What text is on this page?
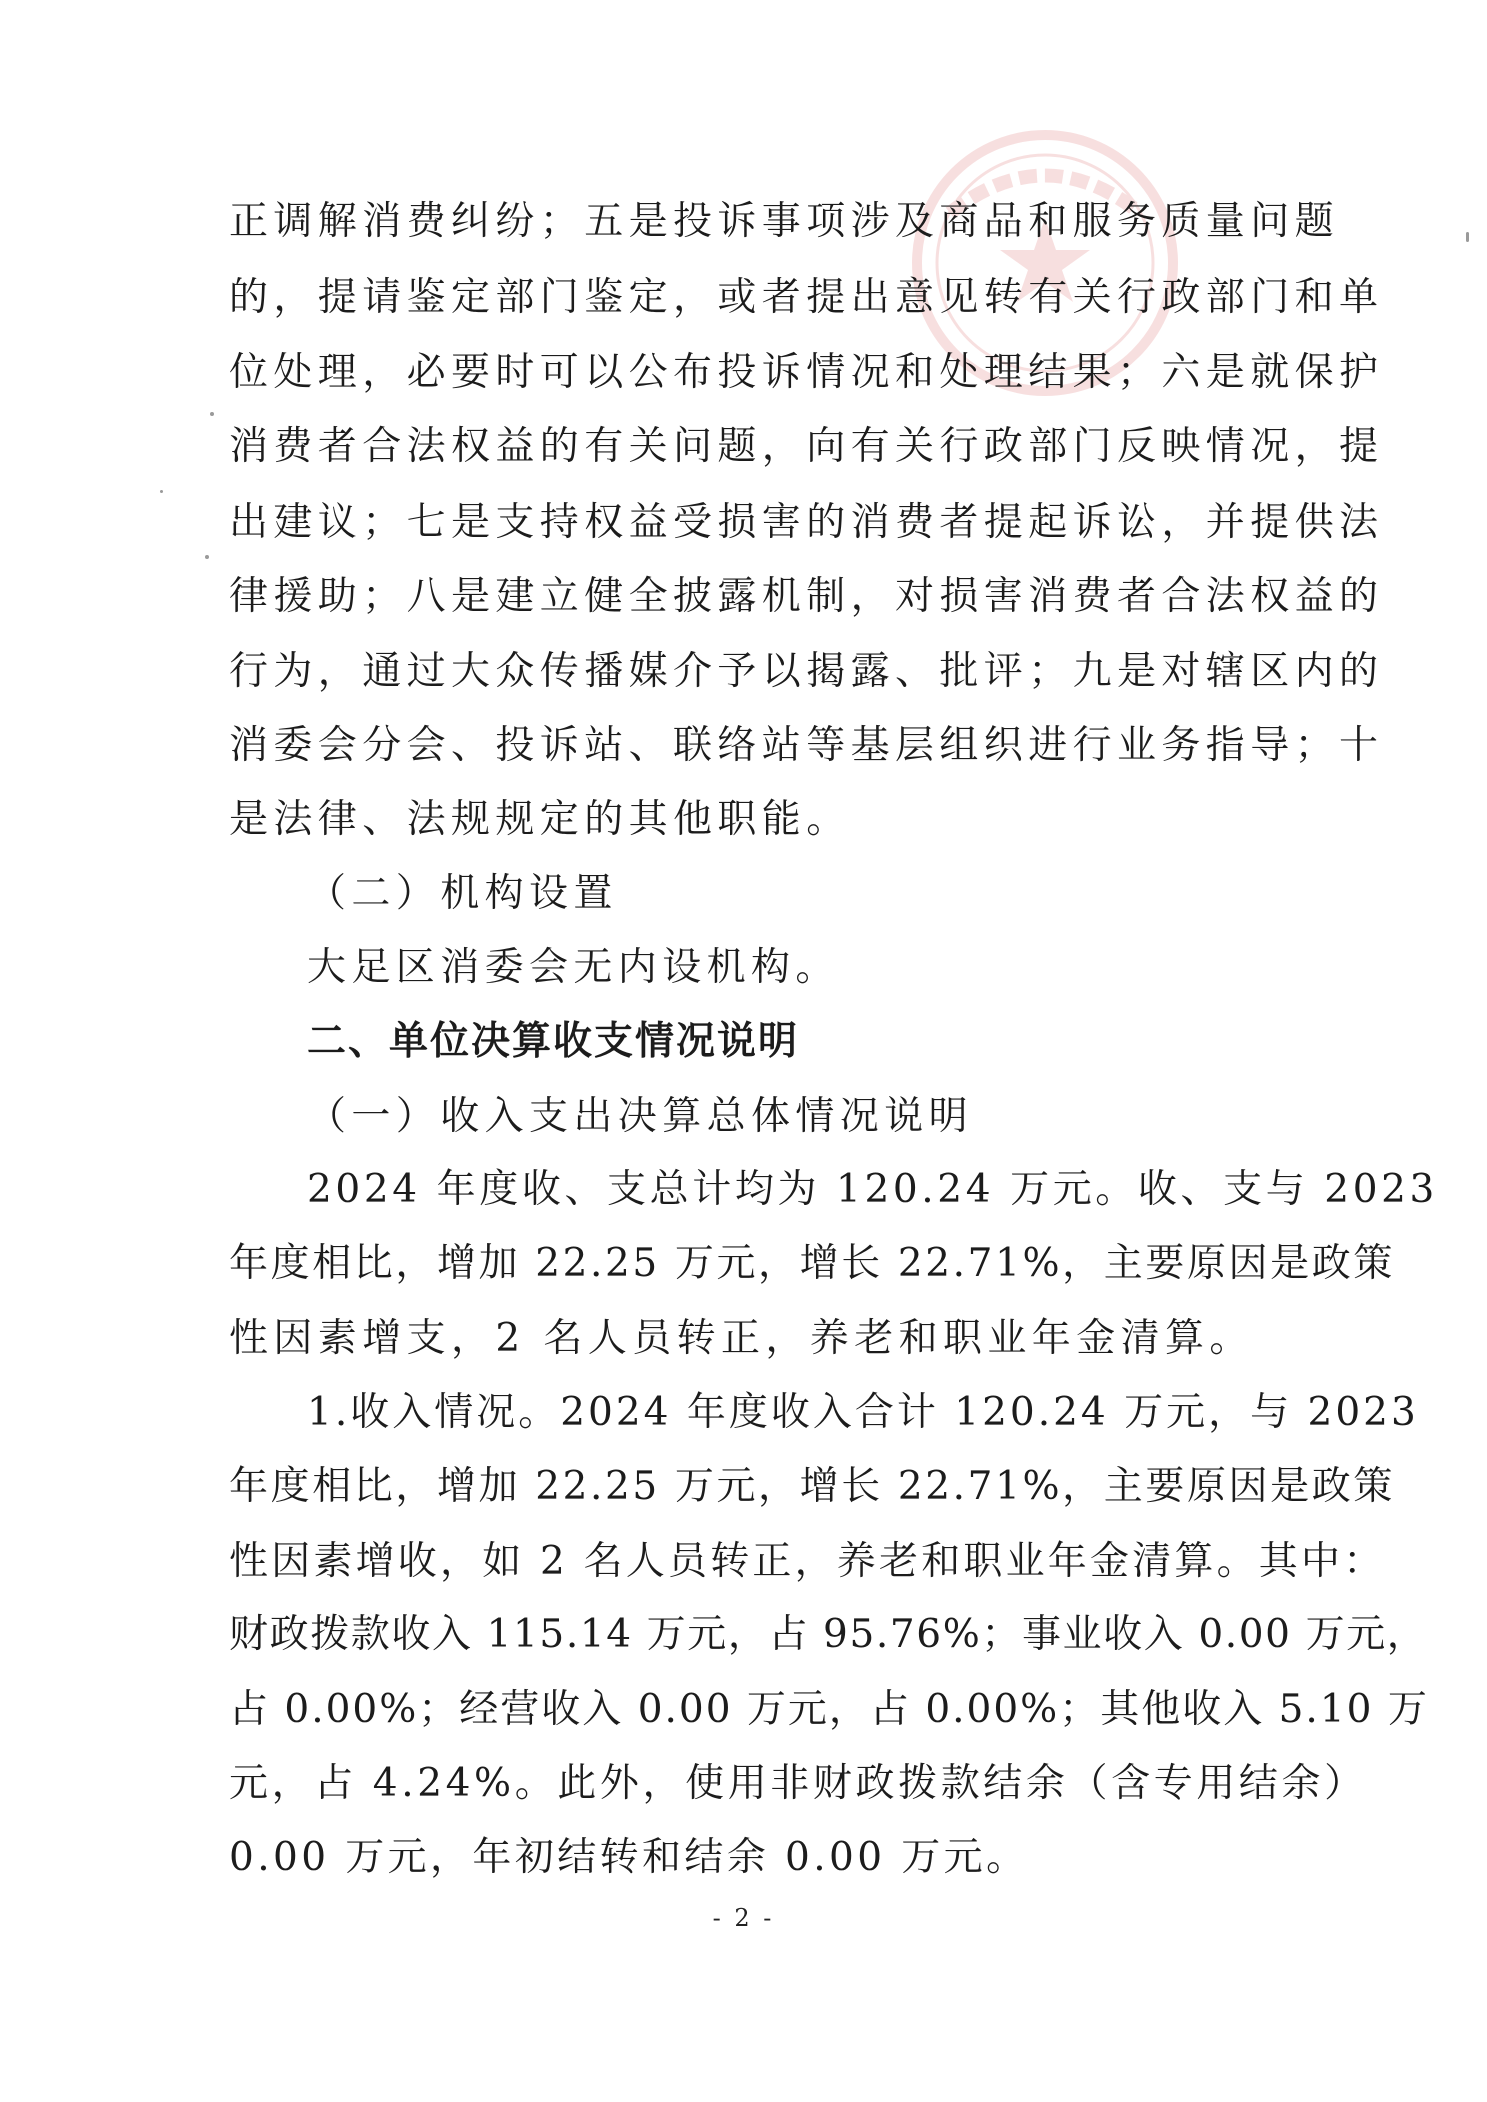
正调解消费纠纷；五是投诉事项涉及商品和服务质量问题
的，提请鉴定部门鉴定，或者提出意见转有关行政部门和单
位处理，必要时可以公布投诉情况和处理结果；六是就保护
消费者合法权益的有关问题，向有关行政部门反映情况，提
出建议；七是支持权益受损害的消费者提起诉讼，并提供法
律援助；八是建立健全披露机制，对损害消费者合法权益的
行为，通过大众传播媒介予以揭露、批评；九是对辖区内的
消委会分会、投诉站、联络站等基层组织进行业务指导；十
是法律、法规规定的其他职能。
（二）机构设置
大足区消委会无内设机构。
二、单位决算收支情况说明
（一）收入支出决算总体情况说明
2024 年度收、支总计均为 120.24 万元。收、支与 2023
年度相比，增加 22.25 万元，增长 22.71%，主要原因是政策
性因素增支，2 名人员转正，养老和职业年金清算。
1.收入情况。2024 年度收入合计 120.24 万元，与 2023
年度相比，增加 22.25 万元，增长 22.71%，主要原因是政策
性因素增收，如 2 名人员转正，养老和职业年金清算。其中：
财政拨款收入 115.14 万元，占 95.76%；事业收入 0.00 万元，
占 0.00%；经营收入 0.00 万元，占 0.00%；其他收入 5.10 万
元，占 4.24%。此外，使用非财政拨款结余（含专用结余）
0.00 万元，年初结转和结余 0.00 万元。
- 2 -
